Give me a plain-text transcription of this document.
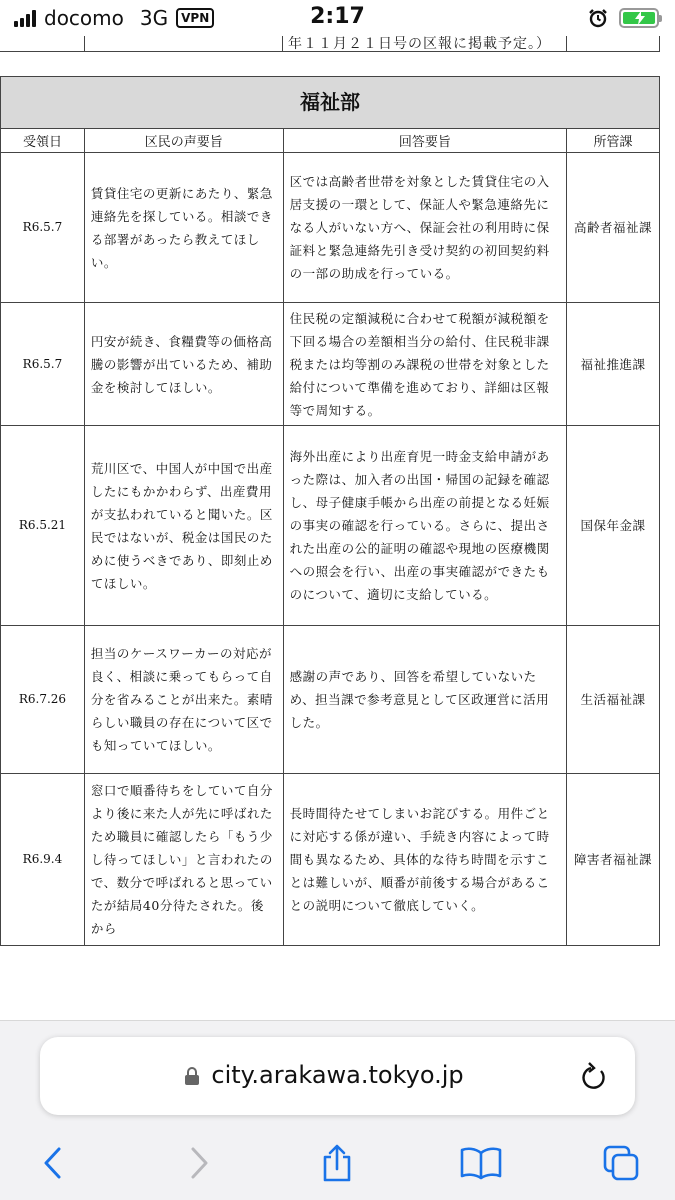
年１１月２１日号の区報に掲載予定。）
福祉部			
受領日	区民の声要旨	回答要旨	所管課
R6.5.7	賃貸住宅の更新にあたり、緊急連絡先を探している。相談できる部署があったら教えてほしい。	区では高齢者世帯を対象とした賃貸住宅の入居支援の一環として、保証人や緊急連絡先になる人がいない方へ、保証会社の利用時に保証料と緊急連絡先引き受け契約の初回契約料の一部の助成を行っている。	高齢者福祉課
R6.5.7	円安が続き、食糧費等の価格高騰の影響が出ているため、補助金を検討してほしい。	住民税の定額減税に合わせて税額が減税額を下回る場合の差額相当分の給付、住民税非課税または均等割のみ課税の世帯を対象とした給付について準備を進めており、詳細は区報等で周知する。	福祉推進課
R6.5.21	荒川区で、中国人が中国で出産したにもかかわらず、出産費用が支払われていると聞いた。区民ではないが、税金は国民のために使うべきであり、即刻止めてほしい。	海外出産により出産育児一時金支給申請があった際は、加入者の出国・帰国の記録を確認し、母子健康手帳から出産の前提となる妊娠の事実の確認を行っている。さらに、提出された出産の公的証明の確認や現地の医療機関への照会を行い、出産の事実確認ができたものについて、適切に支給している。	国保年金課
R6.7.26	担当のケースワーカーの対応が良く、相談に乗ってもらって自分を省みることが出来た。素晴らしい職員の存在について区でも知っていてほしい。	感謝の声であり、回答を希望していないため、担当課で参考意見として区政運営に活用した。	生活福祉課
R6.9.4	窓口で順番待ちをしていて自分より後に来た人が先に呼ばれたため職員に確認したら「もう少し待ってほしい」と言われたので、数分で呼ばれると思っていたが結局40分待たされた。後から	長時間待たせてしまいお詫びする。用件ごとに対応する係が違い、手続き内容によって時間も異なるため、具体的な待ち時間を示すことは難しいが、順番が前後する場合があることの説明について徹底していく。	障害者福祉課
docomo 3G	VPN	2:17
city.arakawa.tokyo.jp
